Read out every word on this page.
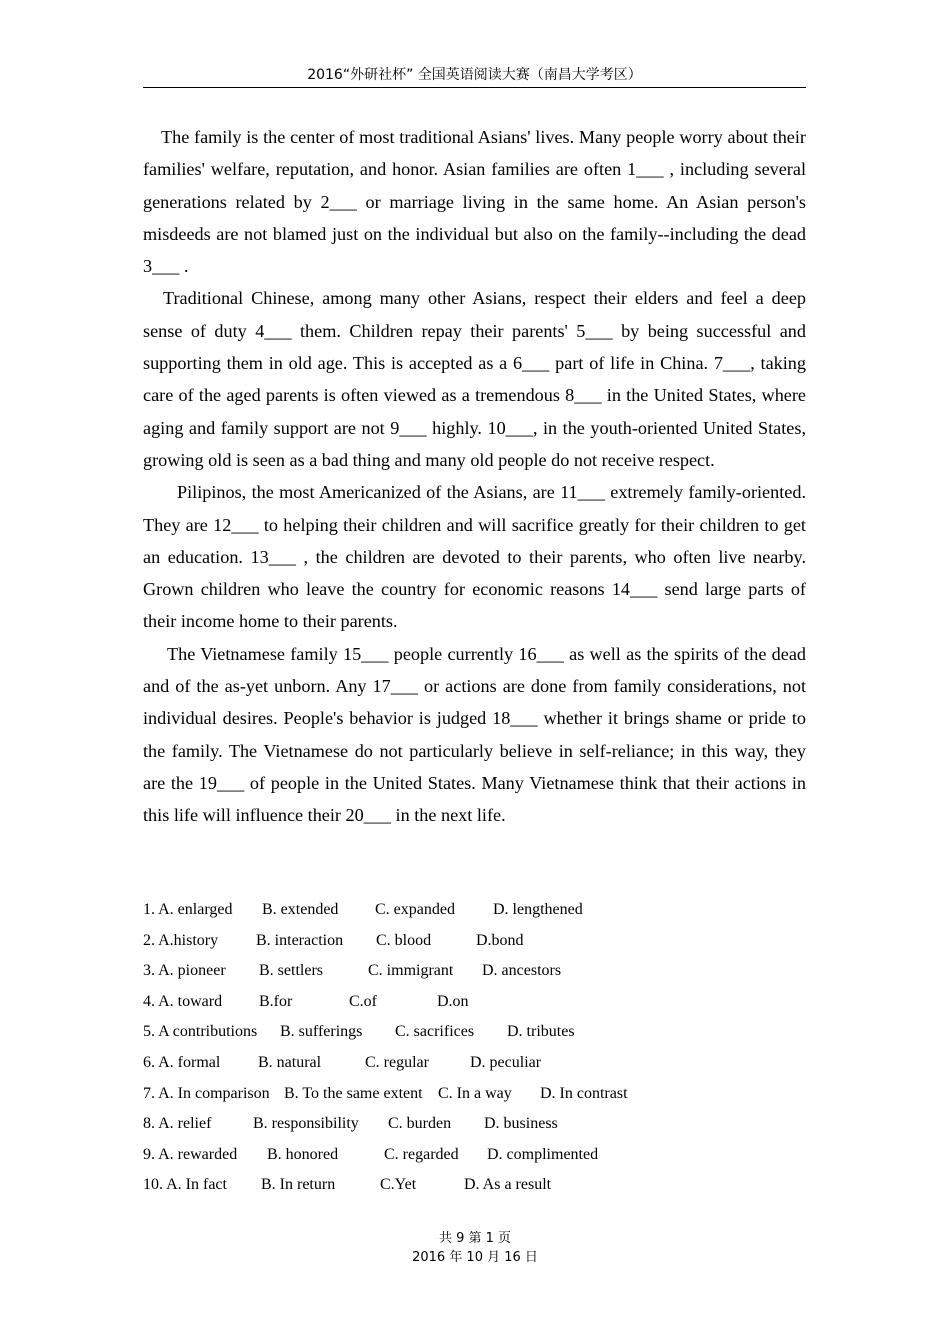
2016“外研社杯” 全国英语阅读大赛（南昌大学考区）

The family is the center of most traditional Asians' lives. Many people worry about their families' welfare, reputation, and honor. Asian families are often 1___ , including several generations related by 2___ or marriage living in the same home. An Asian person's misdeeds are not blamed just on the individual but also on the family--including the dead 3___ .

Traditional Chinese, among many other Asians, respect their elders and feel a deep sense of duty 4___ them. Children repay their parents' 5___ by being successful and supporting them in old age. This is accepted as a 6___ part of life in China. 7___, taking care of the aged parents is often viewed as a tremendous 8___ in the United States, where aging and family support are not 9___ highly. 10___, in the youth-oriented United States, growing old is seen as a bad thing and many old people do not receive respect.

Pilipinos, the most Americanized of the Asians, are 11___ extremely family-oriented. They are 12___ to helping their children and will sacrifice greatly for their children to get an education. 13___ , the children are devoted to their parents, who often live nearby. Grown children who leave the country for economic reasons 14___ send large parts of their income home to their parents.

The Vietnamese family 15___ people currently 16___ as well as the spirits of the dead and of the as-yet unborn. Any 17___ or actions are done from family considerations, not individual desires. People's behavior is judged 18___ whether it brings shame or pride to the family. The Vietnamese do not particularly believe in self-reliance; in this way, they are the 19___ of people in the United States. Many Vietnamese think that their actions in this life will influence their 20___ in the next life.

1. A. enlarged B. extended C. expanded D. lengthened
2. A.history B. interaction C. blood	D.bond
3. A. pioneer B. settlers	C. immigrant D. ancestors
4. A. toward B.for	C.of	D.on
5. A contributions B. sufferings C. sacrifices D. tributes
6. A. formal B. natural	C. regular	D. peculiar
7. A. In comparison B. To the same extent C. In a way D. In contrast
8. A. relief	B. responsibility C. burden D. business
9. A. rewarded B. honored	C. regarded D. complimented
10. A. In fact B. In return	C.Yet	D. As a result
共 9 第 1 页
2016 年 10 月 16 日
